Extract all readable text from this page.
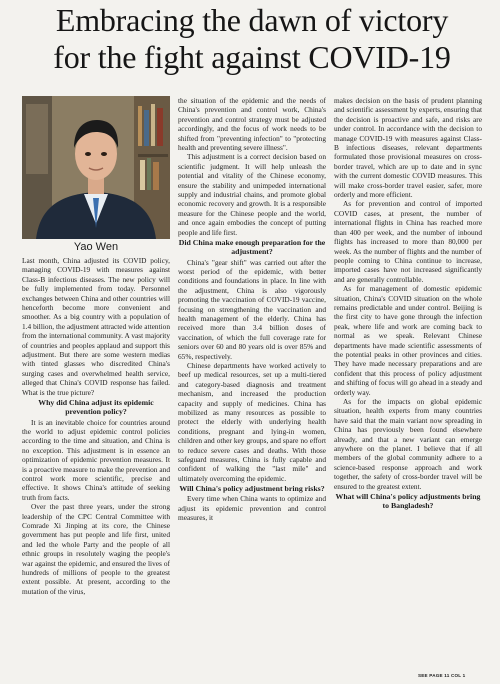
Embracing the dawn of victory
for the fight against COVID-19
Yao Wen

Last month, China adjusted its COVID policy, managing COVID-19 with measures against Class-B infectious diseases. The new policy will be fully implemented from today. Personnel exchanges between China and other countries will henceforth become more convenient and smoother. As a big country with a population of 1.4 billion, the adjustment attracted wide attention from the international community. A vast majority of countries and peoples applaud and support this adjustment. But there are some western medias with tinted glasses who discredited China's surging cases and overwhelmed health service, alleged that China's COVID response has failed. What is the true picture?

Why did China adjust its epidemic prevention policy?

It is an inevitable choice for countries around the world to adjust epidemic control policies according to the time and situation, and China is no exception. This adjustment is in essence an optimization of epidemic prevention measures. It is a proactive measure to make the prevention and control work more scientific, precise and effective. It shows China's attitude of seeking truth from facts.

Over the past three years, under the strong leadership of the CPC Central Committee with Comrade Xi Jinping at its core, the Chinese government has put people and life first, united and led the whole Party and the people of all ethnic groups in resolutely waging the people's war against the epidemic, and ensured the lives of hundreds of millions of people to the greatest extent possible. At present, according to the mutation of the virus,

the situation of the epidemic and the needs of China's prevention and control work, China's prevention and control strategy must be adjusted accordingly, and the focus of work needs to be shifted from "preventing infection" to "protecting health and preventing severe illness".

This adjustment is a correct decision based on scientific judgment. It will help unleash the potential and vitality of the Chinese economy, ensure the stability and unimpeded international supply and industrial chains, and promote global economic recovery and growth. It is a responsible measure for the Chinese people and the world, and once again embodies the concept of putting people and life first.

Did China make enough preparation for the adjustment?

China's "gear shift" was carried out after the worst period of the epidemic, with better conditions and foundations in place. In line with the adjustment, China is also vigorously promoting the vaccination of COVID-19 vaccine, focusing on strengthening the vaccination and health management of the elderly. China has received more than 3.4 billion doses of vaccination, of which the full coverage rate for seniors over 60 and 80 years old is over 85% and 65%, respectively.

Chinese departments have worked actively to beef up medical resources, set up a multi-tiered and category-based diagnosis and treatment mechanism, and increased the production capacity and supply of medicines. China has mobilized as many resources as possible to protect the elderly with underlying health conditions, pregnant and lying-in women, children and other key groups, and spare no effort to reduce severe cases and deaths. With those safeguard measures, China is fully capable and confident of walking the "last mile" and ultimately overcoming the epidemic.

Will China's policy adjustment bring risks?

Every time when China wants to optimize and adjust its epidemic prevention and control measures, it

makes decision on the basis of prudent planning and scientific assessment by experts, ensuring that the decision is proactive and safe, and risks are under control. In accordance with the decision to manage COVID-19 with measures against Class-B infectious diseases, relevant departments formulated those provisional measures on cross-border travel, which are up to date and in sync with the current domestic COVID measures. This will make cross-border travel easier, safer, more orderly and more efficient.

As for prevention and control of imported COVID cases, at present, the number of international flights in China has reached more than 400 per week, and the number of inbound flights has increased to more than 80,000 per week. As the number of flights and the number of people coming to China continue to increase, imported cases have not increased significantly and are generally controllable.

As for management of domestic epidemic situation, China's COVID situation on the whole remains predictable and under control. Beijing is the first city to have gone through the infection peak, where life and work are coming back to normal as we speak. Relevant Chinese departments have made scientific assessments of the potential peaks in other provinces and cities. They have made necessary preparations and are confident that this process of policy adjustment and shifting of focus will go ahead in a steady and orderly way.

As for the impacts on global epidemic situation, health experts from many countries have said that the main variant now spreading in China has previously been found elsewhere already, and that a new variant can emerge anywhere on the planet. I believe that if all members of the global community adhere to a science-based response approach and work together, the safety of cross-border travel will be ensured to the greatest extent.

What will China's policy adjustments bring to Bangladesh?
SEE PAGE 11 COL 1
